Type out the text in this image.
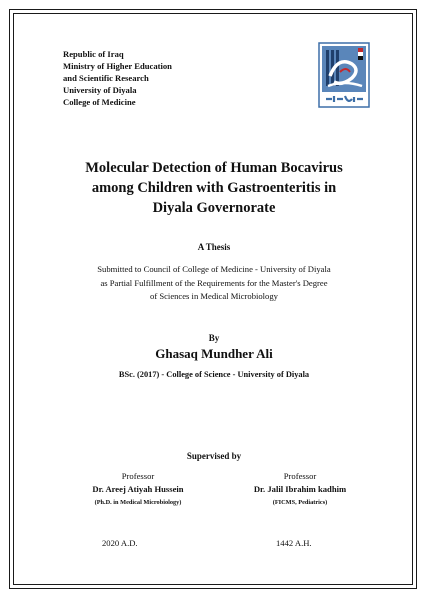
Republic of Iraq
Ministry of Higher Education
and Scientific Research
University of Diyala
College of Medicine
Molecular Detection of Human Bocavirus
among Children with Gastroenteritis in
Diyala Governorate
A Thesis
Submitted to Council of College of Medicine - University of Diyala
as Partial Fulfillment of the Requirements for the Master's Degree
of Sciences in Medical Microbiology
By
Ghasaq Mundher Ali
BSc. (2017) - College of Science - University of Diyala
Supervised by
Professor
Dr. Areej Atiyah Hussein
(Ph.D. in Medical Microbiology)
Professor
Dr. Jalil Ibrahim kadhim
(FICMS, Pediatrics)
2020 A.D.	1442 A.H.
